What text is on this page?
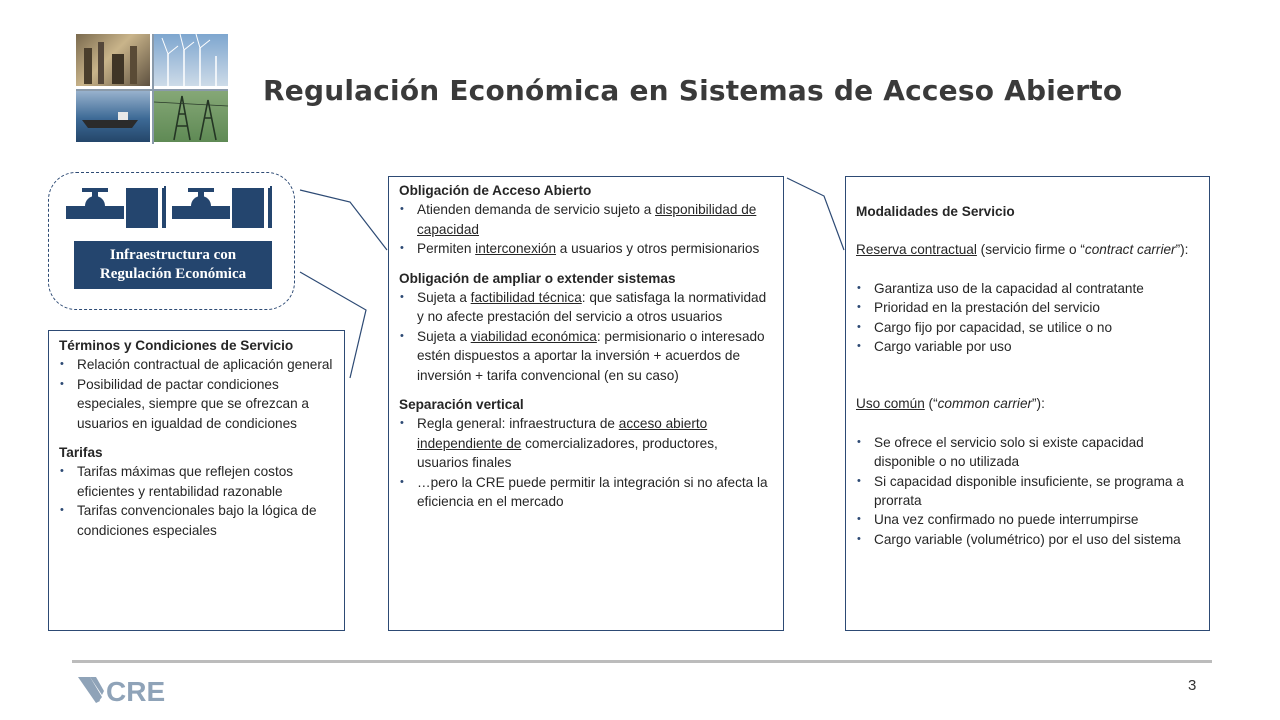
Regulación Económica en Sistemas de Acceso Abierto
Infraestructura con
Regulación Económica

Términos y Condiciones de Servicio

• Relación contractual de aplicación general
• Posibilidad de pactar condiciones especiales, siempre que se ofrezcan a usuarios en igualdad de condiciones

Tarifas

• Tarifas máximas que reflejen costos eficientes y rentabilidad razonable
• Tarifas convencionales bajo la lógica de condiciones especiales

Obligación de Acceso Abierto

• Atienden demanda de servicio sujeto a disponibilidad de capacidad
• Permiten interconexión a usuarios y otros permisionarios

Obligación de ampliar o extender sistemas

• Sujeta a factibilidad técnica: que satisfaga la normatividad y no afecte prestación del servicio a otros usuarios
• Sujeta a viabilidad económica: permisionario o interesado estén dispuestos a aportar la inversión + acuerdos de inversión + tarifa convencional (en su caso)

Separación vertical

• Regla general: infraestructura de acceso abierto independiente de comercializadores, productores, usuarios finales
• …pero la CRE puede permitir la integración si no afecta la eficiencia en el mercado

Modalidades de Servicio

Reserva contractual (servicio firme o “contract carrier”):

• Garantiza uso de la capacidad al contratante
• Prioridad en la prestación del servicio
• Cargo fijo por capacidad, se utilice o no
• Cargo variable por uso

Uso común (“common carrier”):

• Se ofrece el servicio solo si existe capacidad disponible o no utilizada
• Si capacidad disponible insuficiente, se programa a prorrata
• Una vez confirmado no puede interrumpirse
• Cargo variable (volumétrico) por el uso del sistema
CRE	3
